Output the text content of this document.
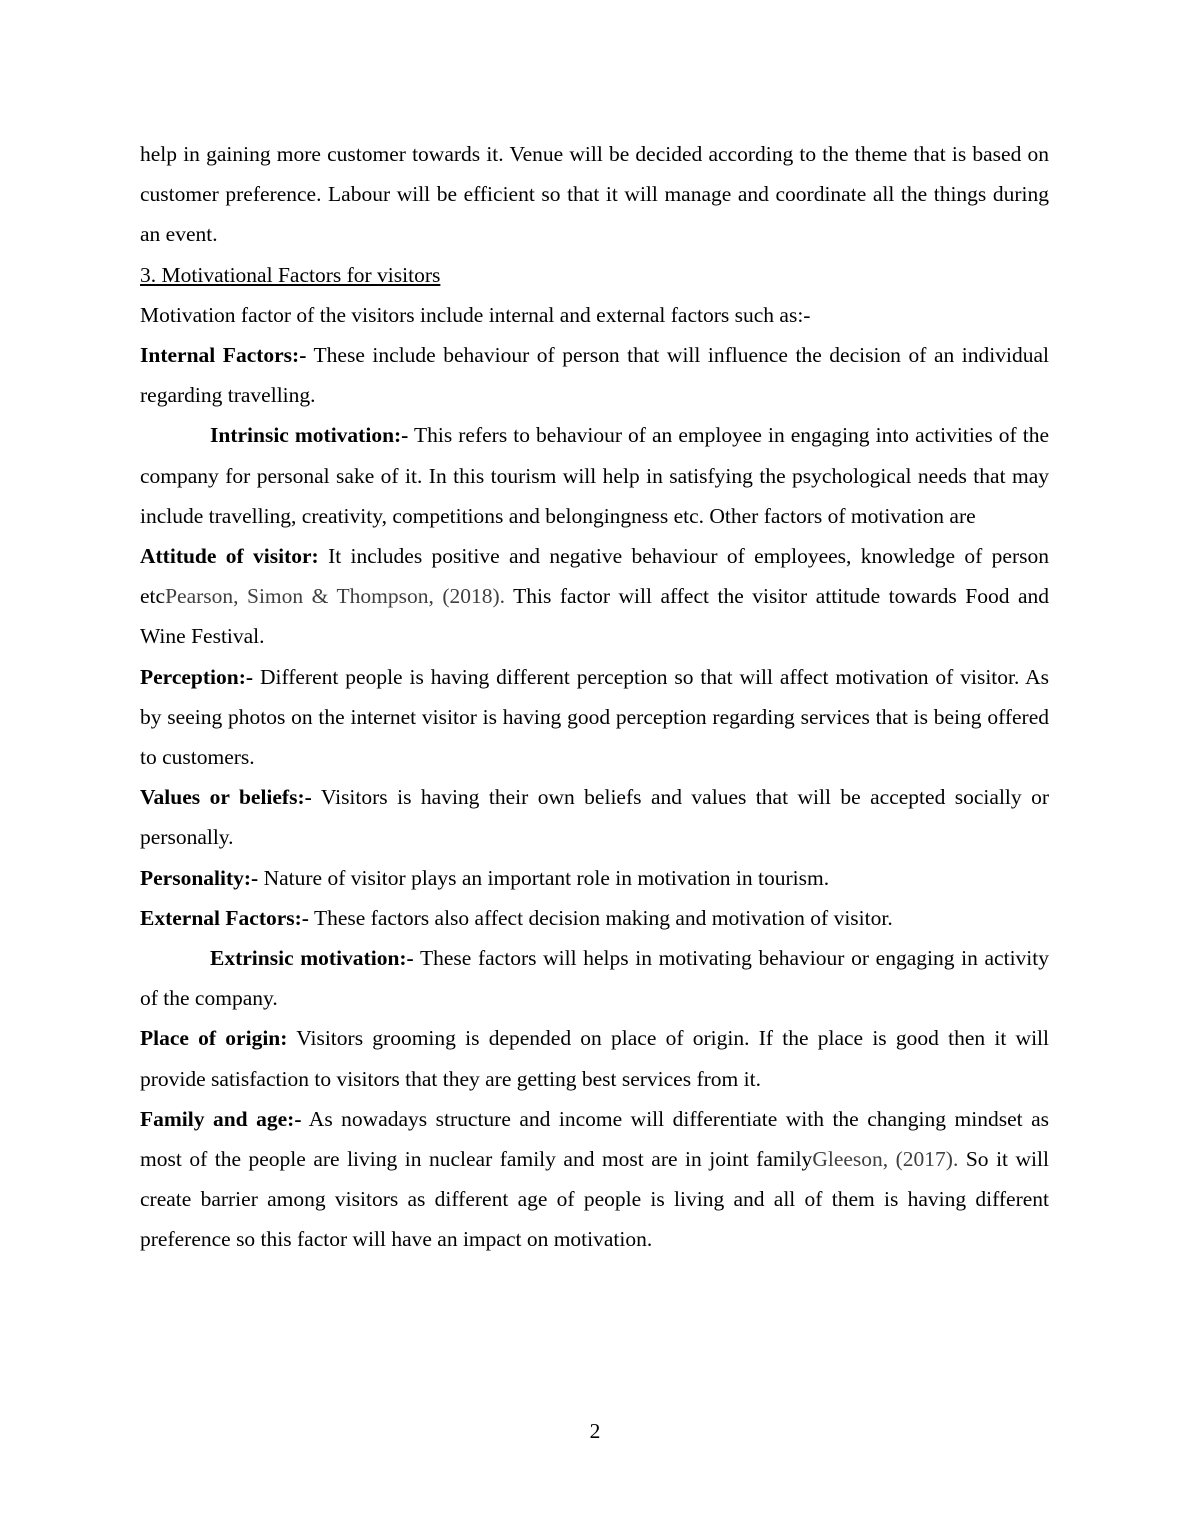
help in gaining more customer towards it. Venue will be decided according to the theme that is based on customer preference. Labour will be efficient so that it will manage and coordinate all the things during an event.

3. Motivational Factors for visitors

Motivation factor of the visitors include internal and external factors such as:-

Internal Factors:- These include behaviour of person that will influence the decision of an individual regarding travelling.

Intrinsic motivation:- This refers to behaviour of an employee in engaging into activities of the company for personal sake of it. In this tourism will help in satisfying the psychological needs that may include travelling, creativity, competitions and belongingness etc. Other factors of motivation are

Attitude of visitor: It includes positive and negative behaviour of employees, knowledge of person etcPearson, Simon & Thompson, (2018). This factor will affect the visitor attitude towards Food and Wine Festival.

Perception:- Different people is having different perception so that will affect motivation of visitor. As by seeing photos on the internet visitor is having good perception regarding services that is being offered to customers.

Values or beliefs:- Visitors is having their own beliefs and values that will be accepted socially or personally.

Personality:- Nature of visitor plays an important role in motivation in tourism.

External Factors:- These factors also affect decision making and motivation of visitor.

Extrinsic motivation:- These factors will helps in motivating behaviour or engaging in activity of the company.

Place of origin: Visitors grooming is depended on place of origin. If the place is good then it will provide satisfaction to visitors that they are getting best services from it.

Family and age:- As nowadays structure and income will differentiate with the changing mindset as most of the people are living in nuclear family and most are in joint familyGleeson, (2017). So it will create barrier among visitors as different age of people is living and all of them is having different preference so this factor will have an impact on motivation.

2
